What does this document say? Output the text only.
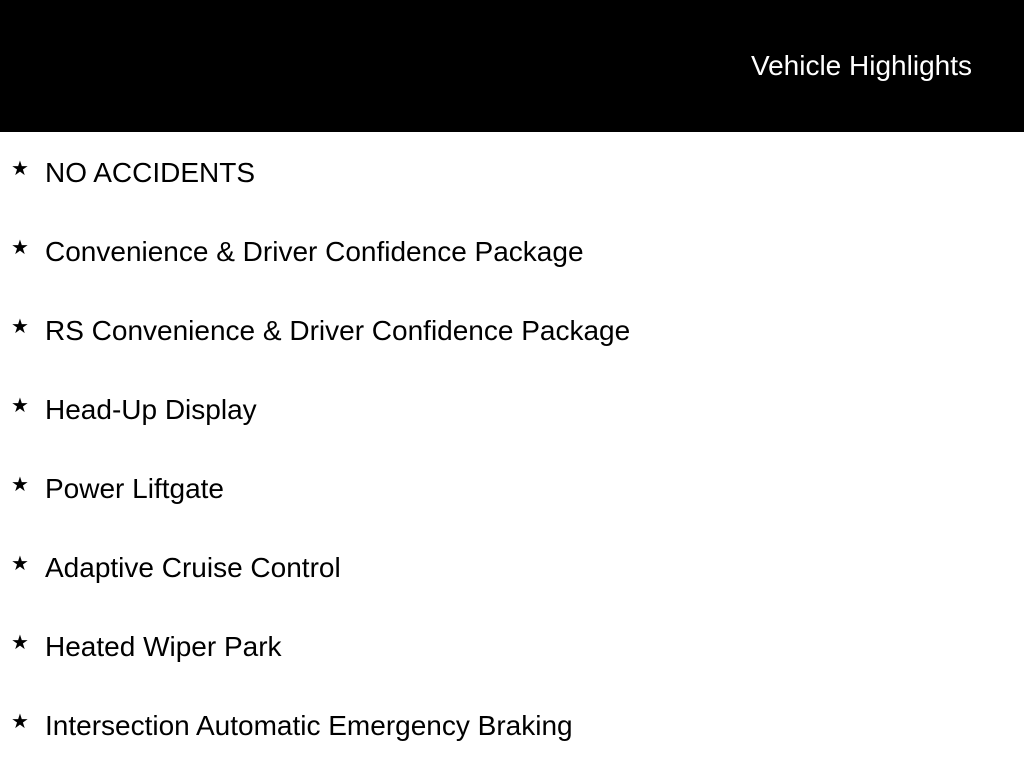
Vehicle Highlights
★ NO ACCIDENTS
★ Convenience & Driver Confidence Package
★ RS Convenience & Driver Confidence Package
★ Head-Up Display
★ Power Liftgate
★ Adaptive Cruise Control
★ Heated Wiper Park
★ Intersection Automatic Emergency Braking
